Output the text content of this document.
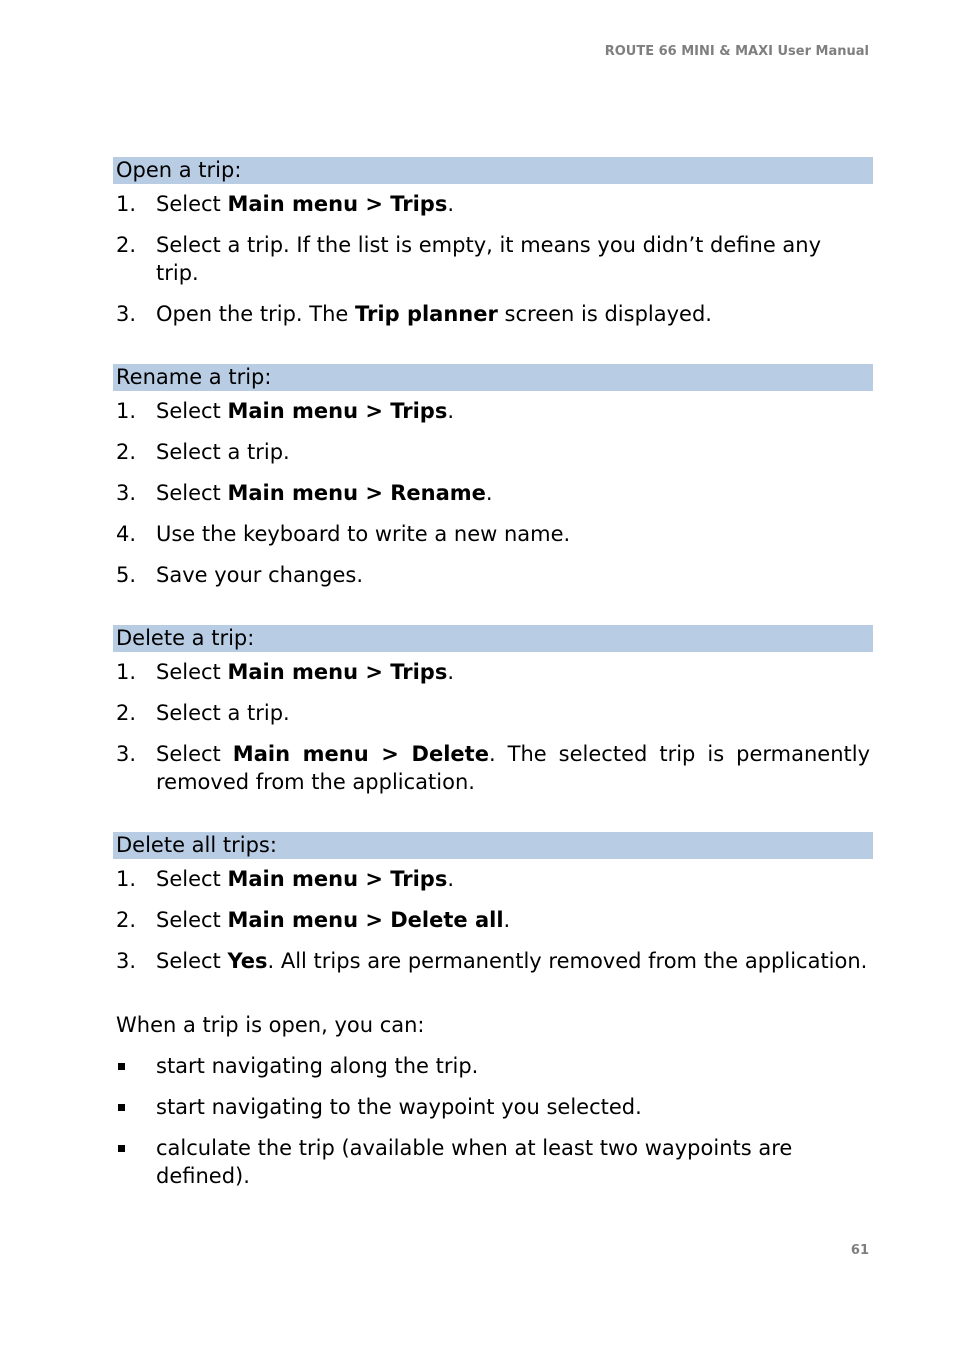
ROUTE 66 MINI & MAXI User Manual
Open a trip:
1. Select Main menu > Trips.
2. Select a trip. If the list is empty, it means you didn’t define any trip.
3. Open the trip. The Trip planner screen is displayed.
Rename a trip:
1. Select Main menu > Trips.
2. Select a trip.
3. Select Main menu > Rename.
4. Use the keyboard to write a new name.
5. Save your changes.
Delete a trip:
1. Select Main menu > Trips.
2. Select a trip.
3. Select Main menu > Delete. The selected trip is permanently removed from the application.
Delete all trips:
1. Select Main menu > Trips.
2. Select Main menu > Delete all.
3. Select Yes. All trips are permanently removed from the application.
When a trip is open, you can:
start navigating along the trip.
start navigating to the waypoint you selected.
calculate the trip (available when at least two waypoints are defined).
61
